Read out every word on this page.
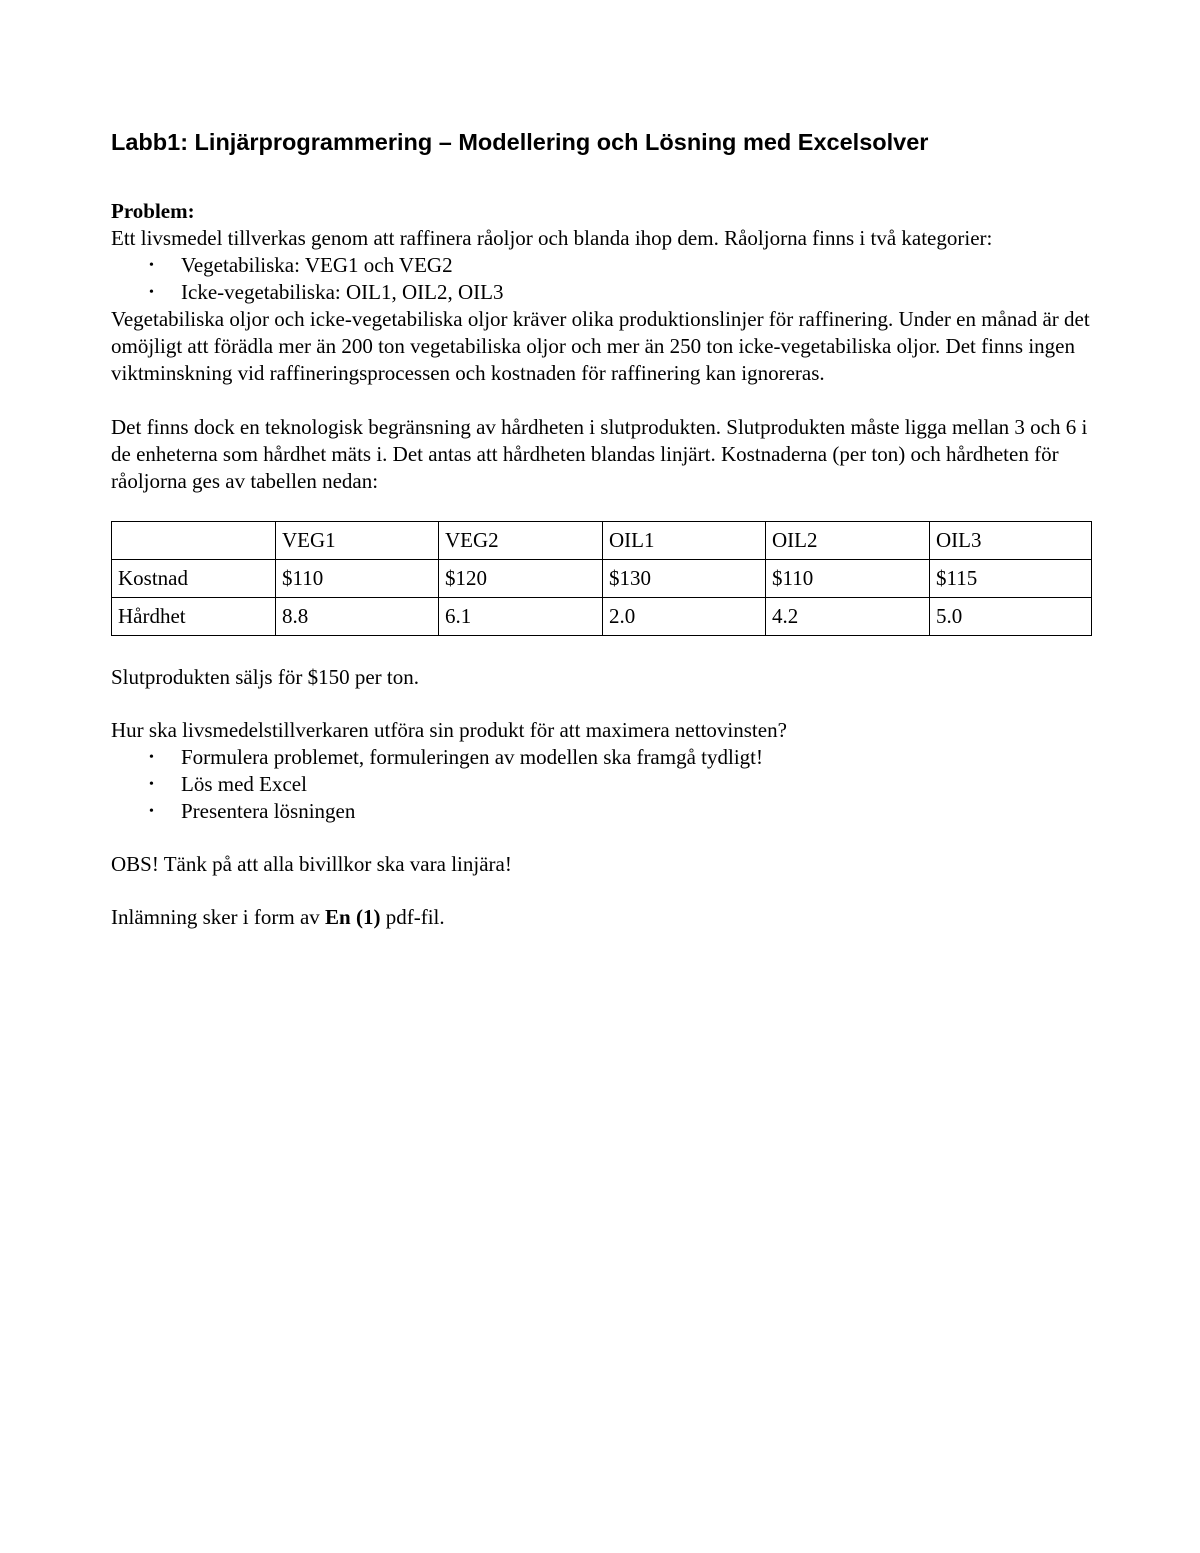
Labb1: Linjärprogrammering – Modellering och Lösning med Excelsolver
Problem:

Ett livsmedel tillverkas genom att raffinera råoljor och blanda ihop dem. Råoljorna finns i två kategorier:

• Vegetabiliska: VEG1 och VEG2
• Icke-vegetabiliska: OIL1, OIL2, OIL3

Vegetabiliska oljor och icke-vegetabiliska oljor kräver olika produktionslinjer för raffinering. Under en månad är det omöjligt att förädla mer än 200 ton vegetabiliska oljor och mer än 250 ton icke-vegetabiliska oljor. Det finns ingen viktminskning vid raffineringsprocessen och kostnaden för raffinering kan ignoreras.

Det finns dock en teknologisk begränsning av hårdheten i slutprodukten. Slutprodukten måste ligga mellan 3 och 6 i de enheterna som hårdhet mäts i. Det antas att hårdheten blandas linjärt. Kostnaderna (per ton) och hårdheten för råoljorna ges av tabellen nedan:

	VEG1	VEG2	OIL1	OIL2	OIL3
Kostnad	$110	$120	$130	$110	$115
Hårdhet	8.8	6.1	2.0	4.2	5.0

Slutprodukten säljs för $150 per ton.

Hur ska livsmedelstillverkaren utföra sin produkt för att maximera nettovinsten?

• Formulera problemet, formuleringen av modellen ska framgå tydligt!
• Lös med Excel
• Presentera lösningen

OBS! Tänk på att alla bivillkor ska vara linjära!

Inlämning sker i form av En (1) pdf-fil.
